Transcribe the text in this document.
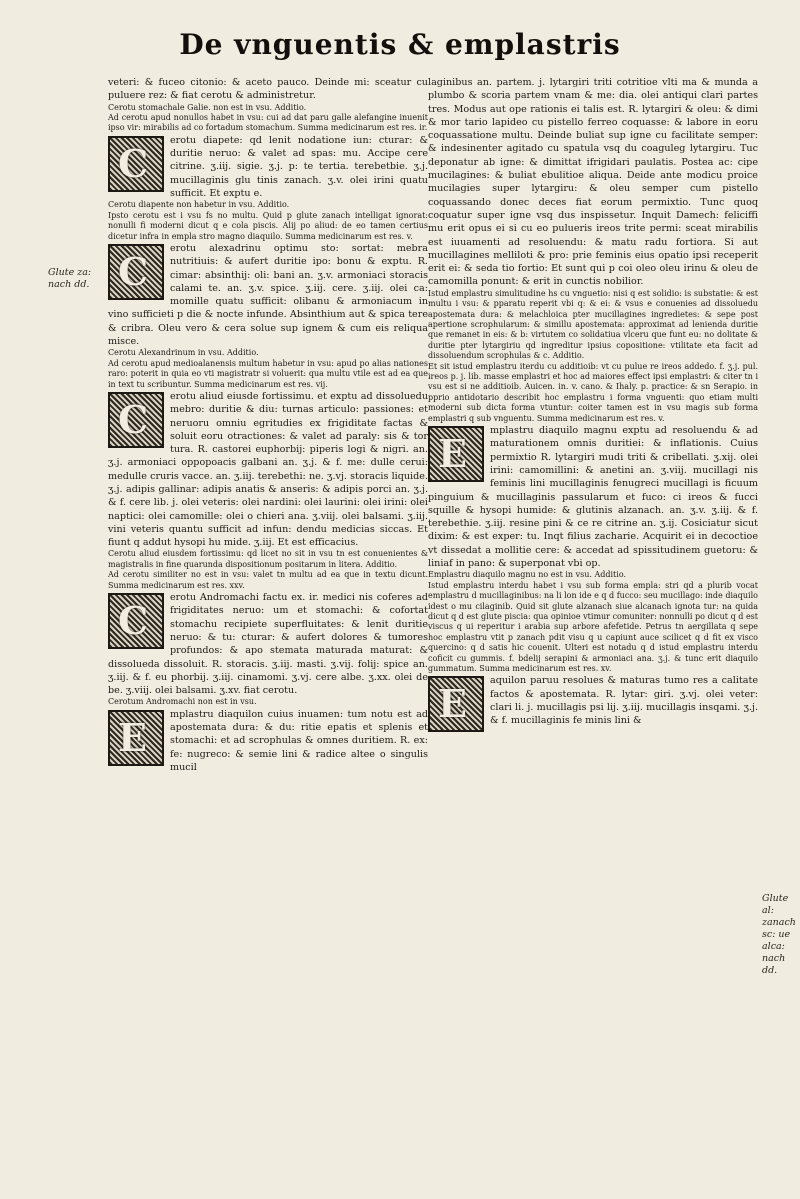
De vnguentis & emplastris
Glute za: nach dd.
Glute al: zanach sc: ue alca: nach dd.

veteri: & fuceo citonio: & aceto pauco. Deinde mi: sceatur cu puluere rez: & fiat cerotu & administretur.

Cerotu stomachale Galie. non est in vsu. Additio.

Ad cerotu apud nonullos habet in vsu: cui ad dat paru galle alefangine inuenit ipso vir: mirabilis ad co fortadum stomachum. Summa medicinarum est res. ir.

C

erotu diapete: qd lenit nodatione iun: cturar: & duritie neruo: & valet ad spas: mu. Accipe cere citrine. ʒ.iij. sigie. ʒ.j. p: te tertia. terebetbie. ʒ.j. mucillaginis glu tinis zanach. ʒ.v. olei irini quatu sufficit. Et exptu e.

Cerotu diapente non habetur in vsu. Additio.

Ipsto cerotu est i vsu fs no multu. Quid p glute zanach intelligat ignorat: nonulli fi moderni dicut q e cola piscis. Alij po aliud: de eo tamen certius dicetur infra in empla stro magno diaquilo. Summa medicinarum est res. v.

C

erotu alexadrinu optimu sto: sortat: mebra nutritiuis: & aufert duritie ipo: bonu & exptu. R. cimar: absinthij: oli: bani an. ʒ.v. armoniaci storacis calami te. an. ʒ.v. spice. ʒ.iij. cere. ʒ.iij. olei ca: momille quatu sufficit: olibanu & armoniacum in vino sufficieti p die & nocte infunde. Absinthium aut & spica tere & cribra. Oleu vero & cera solue sup ignem & cum eis reliqua misce.

Cerotu Alexandrinum in vsu. Additio.

Ad cerotu apud medioalanensis multum habetur in vsu: apud po alias nationes raro: poterit in quia eo vti magistratr si voluerit: qua multu vtile est ad ea que in text tu scribuntur. Summa medicinarum est res. vij.

C

erotu aliud eiusde fortissimu. et exptu ad dissoluedu mebro: duritie & diu: turnas articulo: passiones: et neruoru omniu egritudies ex frigiditate factas & soluit eoru otractiones: & valet ad paraly: sis & tor tura. R. castorei euphorbij: piperis logi & nigri. an. ʒ.j. armoniaci oppopoacis galbani an. ʒ.j. & f. me: dulle cerui: medulle cruris vacce. an. ʒ.iij. terebethi: ne. ʒ.vj. storacis liquide. ʒ.j. adipis gallinar: adipis anatis & anseris: & adipis porci an. ʒ.j. & f. cere lib. j. olei veteris: olei nardini: olei laurini: olei irini: olei naptici: olei camomille: olei o chieri ana. ʒ.viij. olei balsami. ʒ.iij. vini veteris quantu sufficit ad infun: dendu medicias siccas. Et fiunt q addut hysopi hu mide. ʒ.iij. Et est efficacius.

Cerotu aliud eiusdem fortissimu: qd licet no sit in vsu tn est conuenientes & magistralis in fine quarunda dispositionum positarum in litera. Additio.

Ad cerotu similiter no est in vsu: valet tn multu ad ea que in textu dicunt. Summa medicinarum est res. xxv.

C

erotu Andromachi factu ex. ir. medici nis coferes ad frigiditates neruo: um et stomachi: & cofortat stomachu recipiete superfluitates: & lenit duritie neruo: & tu: cturar: & aufert dolores & tumores profundos: & apo stemata maturada maturat: & dissolueda dissoluit. R. storacis. ʒ.iij. masti. ʒ.vij. folij: spice an. ʒ.iij. & f. eu phorbij. ʒ.iij. cinamomi. ʒ.vj. cere albe. ʒ.xx. olei de be. ʒ.viij. olei balsami. ʒ.xv. fiat cerotu.

Cerotum Andromachi non est in vsu.

E

mplastru diaquilon cuius inuamen: tum notu est ad apostemata dura: & du: ritie epatis et splenis et stomachi: et ad scrophulas & omnes duritiem. R. ex: fe: nugreco: & semie lini & radice altee o singulis mucil

laginibus an. partem. j. lytargiri triti cotritioe vlti ma & munda a plumbo & scoria partem vnam & me: dia. olei antiqui clari partes tres. Modus aut ope rationis ei talis est. R. lytargiri & oleu: & dimi & mor tario lapideo cu pistello ferreo coquasse: & labore in eoru coquassatione multu. Deinde buliat sup igne cu facilitate semper: & indesinenter agitado cu spatula vsq du coaguleg lytargiru. Tuc deponatur ab igne: & dimittat ifrigidari paulatis. Postea ac: cipe mucilagines: & buliat ebulitioe aliqua. Deide ante modicu proice mucilagies super lytargiru: & oleu semper cum pistello coquassando donec deces fiat eorum permixtio. Tunc quoq coquatur super igne vsq dus inspissetur. Inquit Damech: feliciffi mu erit opus ei si cu eo pulueris ireos trite permi: sceat mirabilis est iuuamenti ad resoluendu: & matu radu fortiora. Si aut mucillagines melliloti & pro: prie feminis eius opatio ipsi receperit erit ei: & seda tio fortio: Et sunt qui p coi oleo oleu irinu & oleu de camomilla ponunt: & erit in cunctis nobilior.

Istud emplastru simulitudine hs cu vnguetio: nisi q est solidio: is substatie: & est multu i vsu: & pparatu reperit vbi q: & ei: & vsus e conuenies ad dissoluedu apostemata dura: & melachloica pter mucillagines ingredietes: & sepe post apertione scrophularum: & simillu apostemata: approximat ad lenienda duritie que remanet in eis: & b: virtutem co solidatiua vlceru que funt eu: no dolitate & duritie pter lytargiriu qd ingreditur ipsius copositione: vtilitate eta facit ad dissoluendum scrophulas & c. Additio.

Et sit istud emplastru iterdu cu additioib: vt cu pulue re ireos addedo. f. ʒ.j. pul. ireos p. j. lib. masse emplastri et hoc ad maiores effect ipsi emplastri: & citer tn i vsu est si ne additioib. Auicen. in. v. cano. & Ihaly. p. practice: & sn Serapio. in pprio antidotario describit hoc emplastru i forma vnguenti: quo etiam multi moderni sub dicta forma vtuntur: coiter tamen est in vsu magis sub forma emplastri q sub vnguentu. Summa medicinarum est res. v.

E

mplastru diaquilo magnu exptu ad resoluendu & ad maturationem omnis duritiei: & inflationis. Cuius permixtio R. lytargiri mudi triti & cribellati. ʒ.xij. olei irini: camomillini: & anetini an. ʒ.viij. mucillagi nis feminis lini mucillaginis fenugreci mucillagi is ficuum pinguium & mucillaginis passularum et fuco: ci ireos & fucci squille & hysopi humide: & glutinis alzanach. an. ʒ.v. ʒ.iij. & f. terebethie. ʒ.iij. resine pini & ce re citrine an. ʒ.ij. Cosiciatur sicut dixim: & est exper: tu. Inqt filius zacharie. Acquirit ei in decoctioe vt dissedat a mollitie cere: & accedat ad spissitudinem guetoru: & liniaf in pano: & superponat vbi op.

Emplastru diaquilo magnu no est in vsu. Additio.

Istud emplastru interdu habet i vsu sub forma empla: stri qd a plurib vocat emplastru d mucillaginibus: na li lon ide e q d fucco: seu mucillago: inde diaquilo idest o mu cilaginib. Quid sit glute alzanach siue alcanach ignota tur: na quida dicut q d est glute piscia: qua opinioe vtimur comuniter: nonnulli po dicut q d est viscus q ui reperitur i arabia sup arbore afefetide. Petrus tn aergillata q sepe hoc emplastru vtit p zanach pdit visu q u capiunt auce scilicet q d fit ex visco quercino: q d satis hic couenit. Ulteri est notadu q d istud emplastru interdu coficit cu gummis. f. bdelij serapini & armoniaci ana. ʒ.j. & tunc erit diaquilo gummatum. Summa medicinarum est res. xv.

E

aquilon paruu resolues & maturas tumo res a calitate factos & apostemata. R. lytar: giri. ʒ.vj. olei veter: clari li. j. mucillagis psi lij. ʒ.iij. mucillagis insqami. ʒ.j. & f. mucillaginis fe minis lini &
